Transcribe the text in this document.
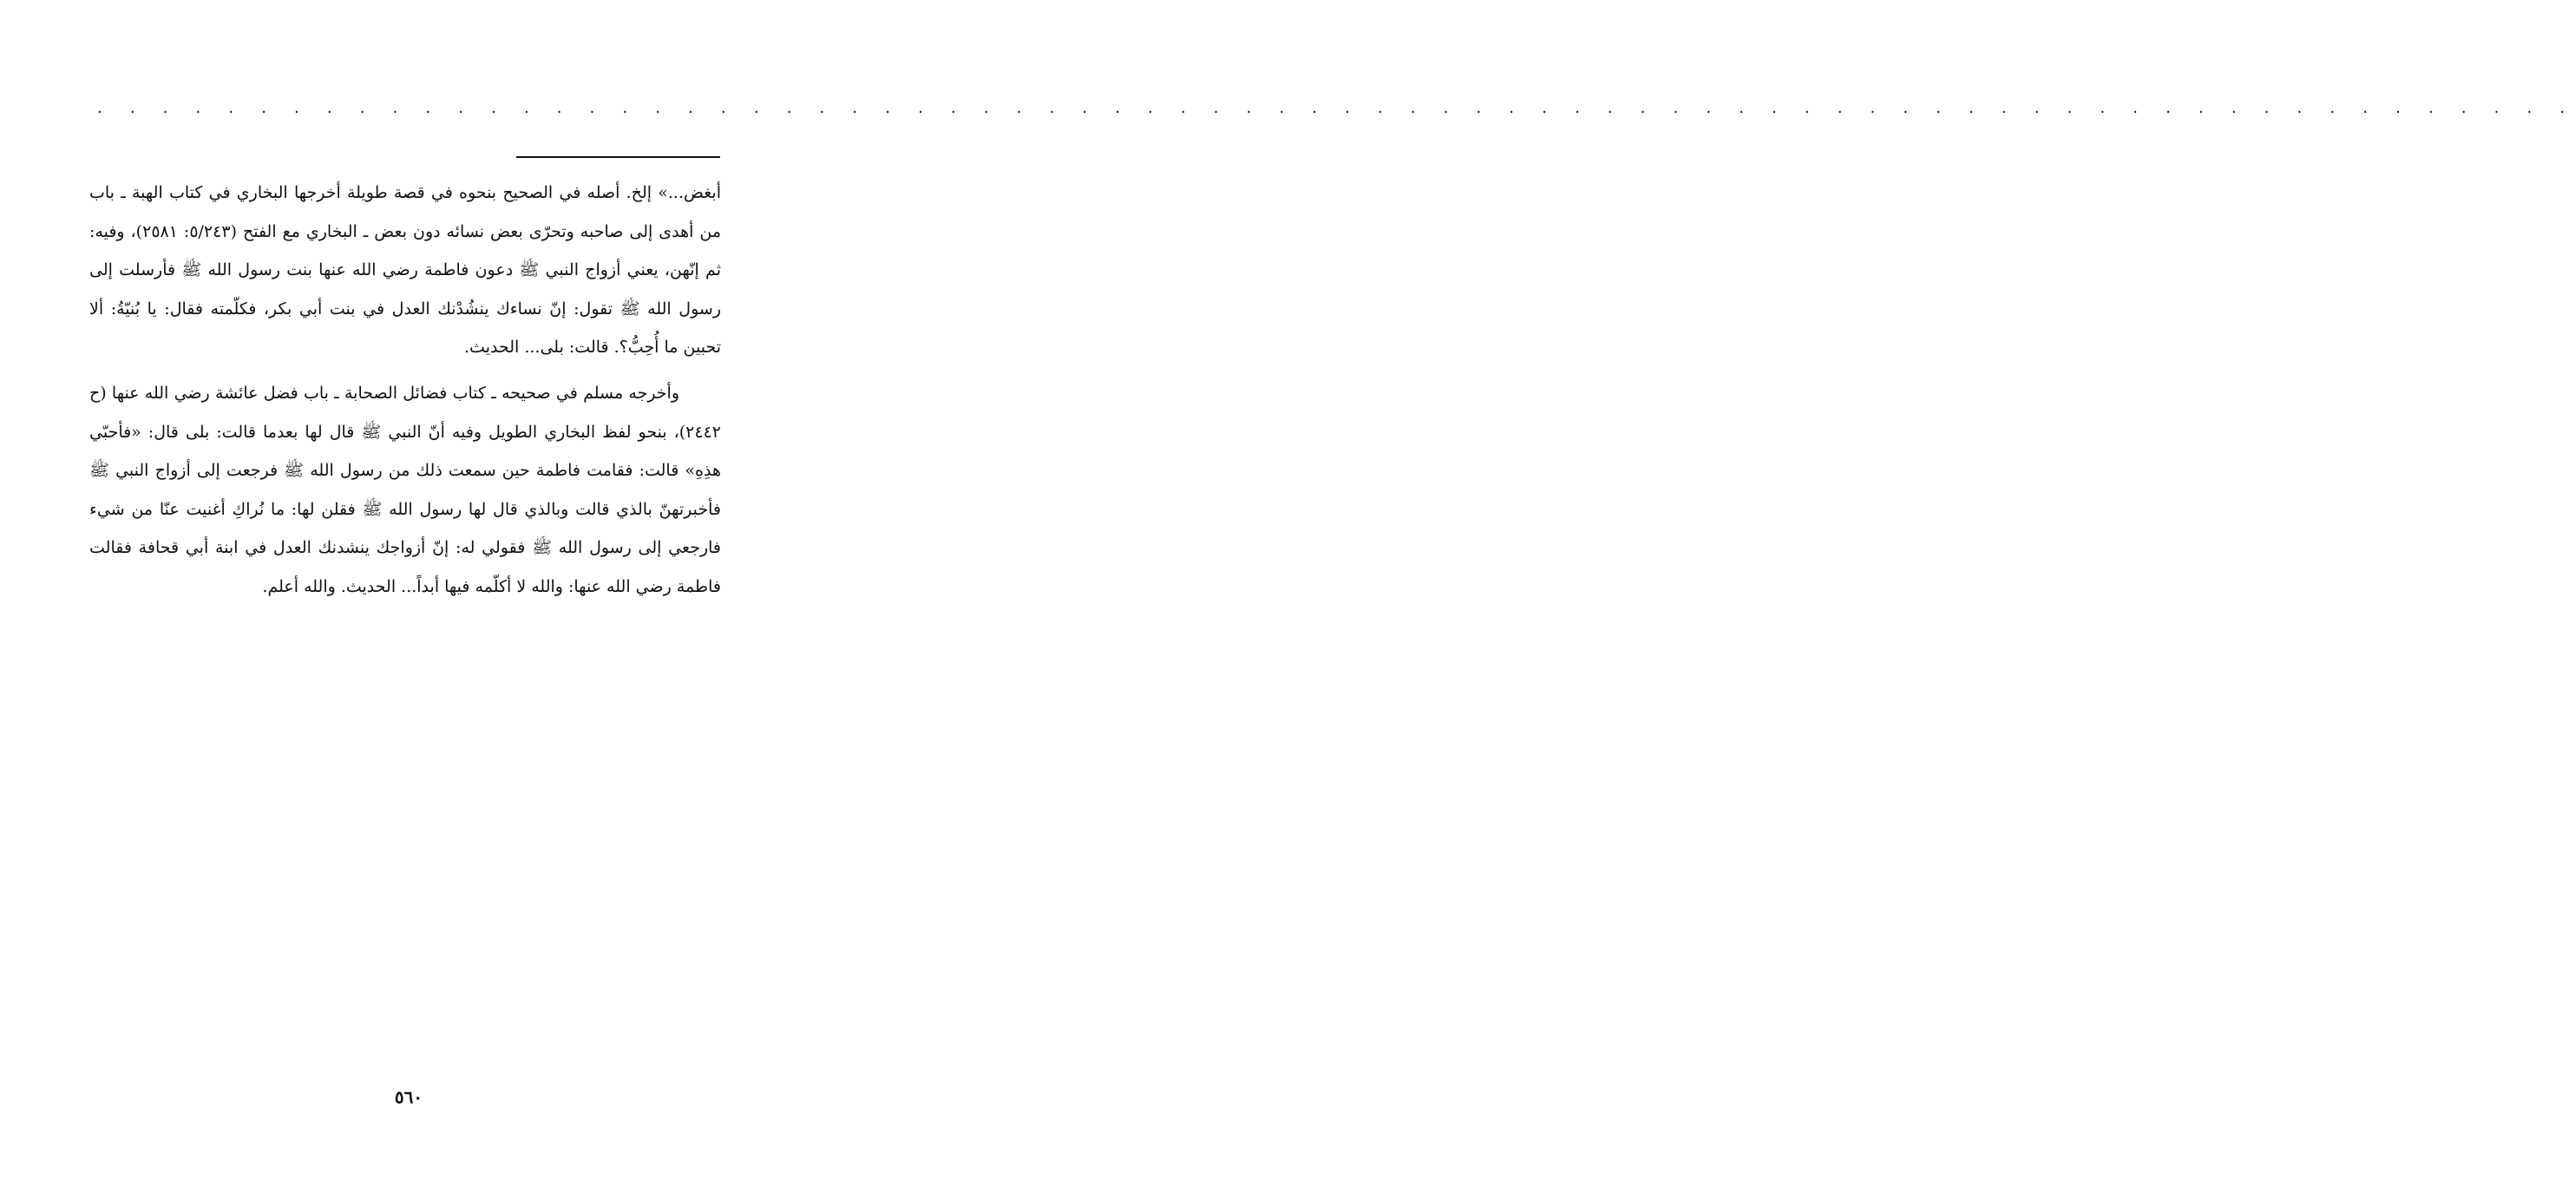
· · · · · · · · · · · · · · · · · · · · · · · · · · · · · · · · · · · · · · · · · · · · · · · · · · · · · · · · · · · · · · · · · · · · · · · · · · · ·

أبغض...» إلخ. أصله في الصحيح بنحوه في قصة طويلة أخرجها البخاري في كتاب الهبة ـ باب من أهدى إلى صاحبه وتحرّى بعض نسائه دون بعض ـ البخاري مع الفتح (٥/٢٤٣: ٢٥٨١)، وفيه: ثم إنّهن، يعني أزواج النبي ﷺ دعون فاطمة رضي الله عنها بنت رسول الله ﷺ فأرسلت إلى رسول الله ﷺ تقول: إنّ نساءك ينشُدْنك العدل في بنت أبي بكر، فكلّمته فقال: يا بُنيّةُ: ألا تحبين ما أُحِبُّ؟. قالت: بلى... الحديث.

وأخرجه مسلم في صحيحه ـ كتاب فضائل الصحابة ـ باب فضل عائشة رضي الله عنها (ح ٢٤٤٢)، بنحو لفظ البخاري الطويل وفيه أنّ النبي ﷺ قال لها بعدما قالت: بلى قال: «فأحبّي هذِهِ» قالت: فقامت فاطمة حين سمعت ذلك من رسول الله ﷺ فرجعت إلى أزواج النبي ﷺ فأخبرتهنّ بالذي قالت وبالذي قال لها رسول الله ﷺ فقلن لها: ما نُراكِ أغنيت عنّا من شيء فارجعي إلى رسول الله ﷺ فقولي له: إنّ أزواجك ينشدنك العدل في ابنة أبي قحافة فقالت فاطمة رضي الله عنها: والله لا أكلّمه فيها أبداً... الحديث. والله أعلم.

٥٦٠
